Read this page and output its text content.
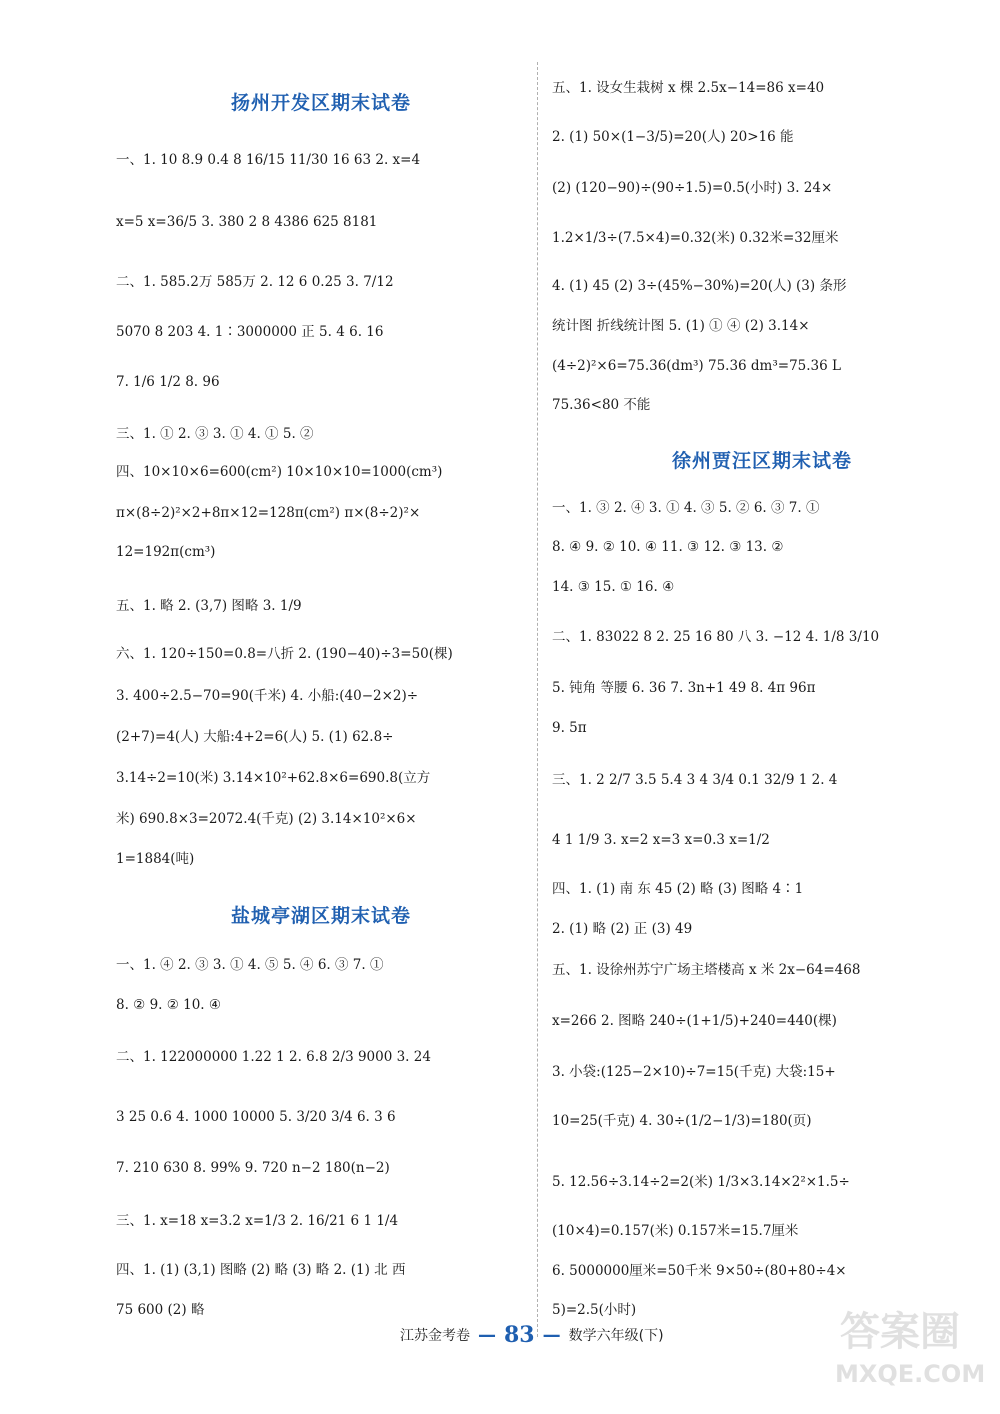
扬州开发区期末试卷
一、1. 10 8.9 0.4 8 16/15 11/30 16 63 2. x=4
x=5 x=36/5 3. 380 2 8 4386 625 8181
二、1. 585.2万 585万 2. 12 6 0.25 3. 7/12
5070 8 203 4. 1∶3000000 正 5. 4 6. 16
7. 1/6 1/2 8. 96
三、1. ① 2. ③ 3. ① 4. ① 5. ②
四、10×10×6=600(cm²) 10×10×10=1000(cm³)
π×(8÷2)²×2+8π×12=128π(cm²) π×(8÷2)²×
12=192π(cm³)
五、1. 略 2. (3,7) 图略 3. 1/9
六、1. 120÷150=0.8=八折 2. (190−40)÷3=50(棵)
3. 400÷2.5−70=90(千米) 4. 小船:(40−2×2)÷
(2+7)=4(人) 大船:4+2=6(人) 5. (1) 62.8÷
3.14÷2=10(米) 3.14×10²+62.8×6=690.8(立方
米) 690.8×3=2072.4(千克) (2) 3.14×10²×6×
1=1884(吨)
盐城亭湖区期末试卷
一、1. ④ 2. ③ 3. ① 4. ⑤ 5. ④ 6. ③ 7. ①
8. ② 9. ② 10. ④
二、1. 122000000 1.22 1 2. 6.8 2/3 9000 3. 24
3 25 0.6 4. 1000 10000 5. 3/20 3/4 6. 3 6
7. 210 630 8. 99% 9. 720 n−2 180(n−2)
三、1. x=18 x=3.2 x=1/3 2. 16/21 6 1 1/4
四、1. (1) (3,1) 图略 (2) 略 (3) 略 2. (1) 北 西
75 600 (2) 略
五、1. 设女生栽树 x 棵 2.5x−14=86 x=40
2. (1) 50×(1−3/5)=20(人) 20>16 能
(2) (120−90)÷(90÷1.5)=0.5(小时) 3. 24×
1.2×1/3÷(7.5×4)=0.32(米) 0.32米=32厘米
4. (1) 45 (2) 3÷(45%−30%)=20(人) (3) 条形
统计图 折线统计图 5. (1) ① ④ (2) 3.14×
(4÷2)²×6=75.36(dm³) 75.36 dm³=75.36 L
75.36<80 不能
徐州贾汪区期末试卷
一、1. ③ 2. ④ 3. ① 4. ③ 5. ② 6. ③ 7. ①
8. ④ 9. ② 10. ④ 11. ③ 12. ③ 13. ②
14. ③ 15. ① 16. ④
二、1. 83022 8 2. 25 16 80 八 3. −12 4. 1/8 3/10
5. 钝角 等腰 6. 36 7. 3n+1 49 8. 4π 96π
9. 5π
三、1. 2 2/7 3.5 5.4 3 4 3/4 0.1 32/9 1 2. 4
4 1 1/9 3. x=2 x=3 x=0.3 x=1/2
四、1. (1) 南 东 45 (2) 略 (3) 图略 4∶1
2. (1) 略 (2) 正 (3) 49
五、1. 设徐州苏宁广场主塔楼高 x 米 2x−64=468
x=266 2. 图略 240÷(1+1/5)+240=440(棵)
3. 小袋:(125−2×10)÷7=15(千克) 大袋:15+
10=25(千克) 4. 30÷(1/2−1/3)=180(页)
5. 12.56÷3.14÷2=2(米) 1/3×3.14×2²×1.5÷
(10×4)=0.157(米) 0.157米=15.7厘米
6. 5000000厘米=50千米 9×50÷(80+80÷4×
5)=2.5(小时)
江苏金考卷 — 83 — 数学六年级(下)	答案圈
MXQE.COM
